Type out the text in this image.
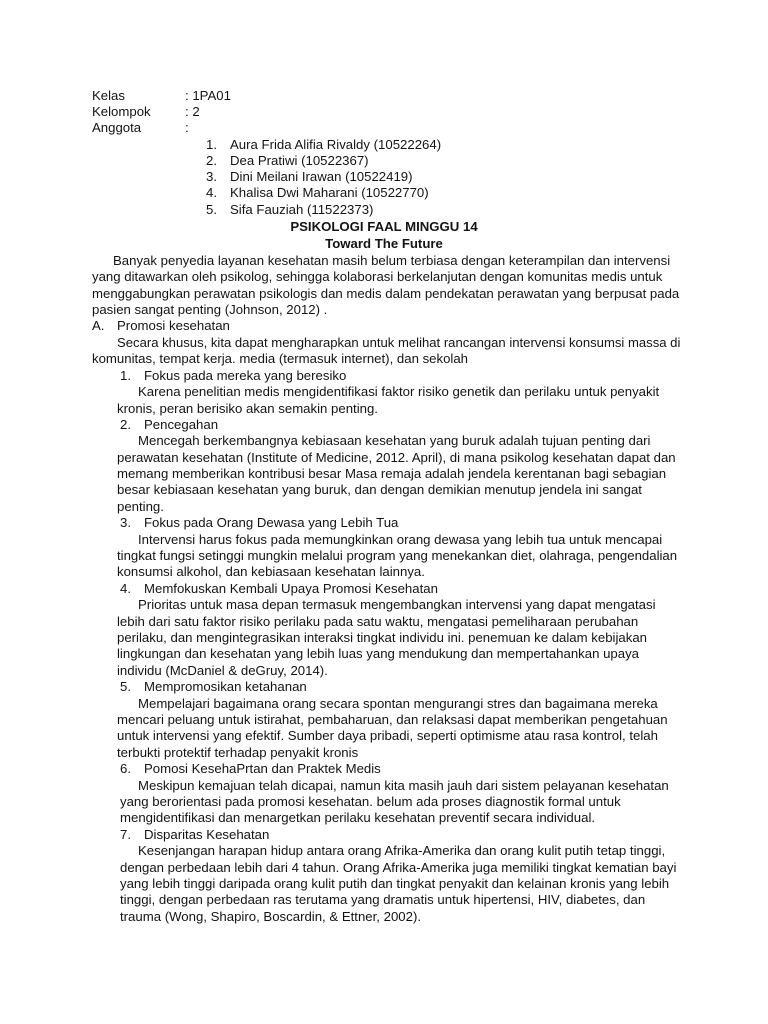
Kelas	: 1PA01
Kelompok	: 2
Anggota	:
1. Aura Frida Alifia Rivaldy (10522264)
2. Dea Pratiwi (10522367)
3. Dini Meilani Irawan (10522419)
4. Khalisa Dwi Maharani (10522770)
5. Sifa Fauziah (11522373)
PSIKOLOGI FAAL MINGGU 14
Toward The Future
Banyak penyedia layanan kesehatan masih belum terbiasa dengan keterampilan dan intervensi
yang ditawarkan oleh psikolog, sehingga kolaborasi berkelanjutan dengan komunitas medis untuk
menggabungkan perawatan psikologis dan medis dalam pendekatan perawatan yang berpusat pada
pasien sangat penting (Johnson, 2012) .
A. Promosi kesehatan
Secara khusus, kita dapat mengharapkan untuk melihat rancangan intervensi konsumsi massa di
komunitas, tempat kerja. media (termasuk internet), dan sekolah
1. Fokus pada mereka yang beresiko
Karena penelitian medis mengidentifikasi faktor risiko genetik dan perilaku untuk penyakit
kronis, peran berisiko akan semakin penting.
2. Pencegahan
Mencegah berkembangnya kebiasaan kesehatan yang buruk adalah tujuan penting dari
perawatan kesehatan (Institute of Medicine, 2012. April), di mana psikolog kesehatan dapat dan
memang memberikan kontribusi besar Masa remaja adalah jendela kerentanan bagi sebagian
besar kebiasaan kesehatan yang buruk, dan dengan demikian menutup jendela ini sangat
penting.
3. Fokus pada Orang Dewasa yang Lebih Tua
Intervensi harus fokus pada memungkinkan orang dewasa yang lebih tua untuk mencapai
tingkat fungsi setinggi mungkin melalui program yang menekankan diet, olahraga, pengendalian
konsumsi alkohol, dan kebiasaan kesehatan lainnya.
4. Memfokuskan Kembali Upaya Promosi Kesehatan
Prioritas untuk masa depan termasuk mengembangkan intervensi yang dapat mengatasi
lebih dari satu faktor risiko perilaku pada satu waktu, mengatasi pemeliharaan perubahan
perilaku, dan mengintegrasikan interaksi tingkat individu ini. penemuan ke dalam kebijakan
lingkungan dan kesehatan yang lebih luas yang mendukung dan mempertahankan upaya
individu (McDaniel & deGruy, 2014).
5. Mempromosikan ketahanan
Mempelajari bagaimana orang secara spontan mengurangi stres dan bagaimana mereka
mencari peluang untuk istirahat, pembaharuan, dan relaksasi dapat memberikan pengetahuan
untuk intervensi yang efektif. Sumber daya pribadi, seperti optimisme atau rasa kontrol, telah
terbukti protektif terhadap penyakit kronis
6. Pomosi KesehaPrtan dan Praktek Medis
Meskipun kemajuan telah dicapai, namun kita masih jauh dari sistem pelayanan kesehatan
yang berorientasi pada promosi kesehatan. belum ada proses diagnostik formal untuk
mengidentifikasi dan menargetkan perilaku kesehatan preventif secara individual.
7. Disparitas Kesehatan
Kesenjangan harapan hidup antara orang Afrika-Amerika dan orang kulit putih tetap tinggi,
dengan perbedaan lebih dari 4 tahun. Orang Afrika-Amerika juga memiliki tingkat kematian bayi
yang lebih tinggi daripada orang kulit putih dan tingkat penyakit dan kelainan kronis yang lebih
tinggi, dengan perbedaan ras terutama yang dramatis untuk hipertensi, HIV, diabetes, dan
trauma (Wong, Shapiro, Boscardin, & Ettner, 2002).
